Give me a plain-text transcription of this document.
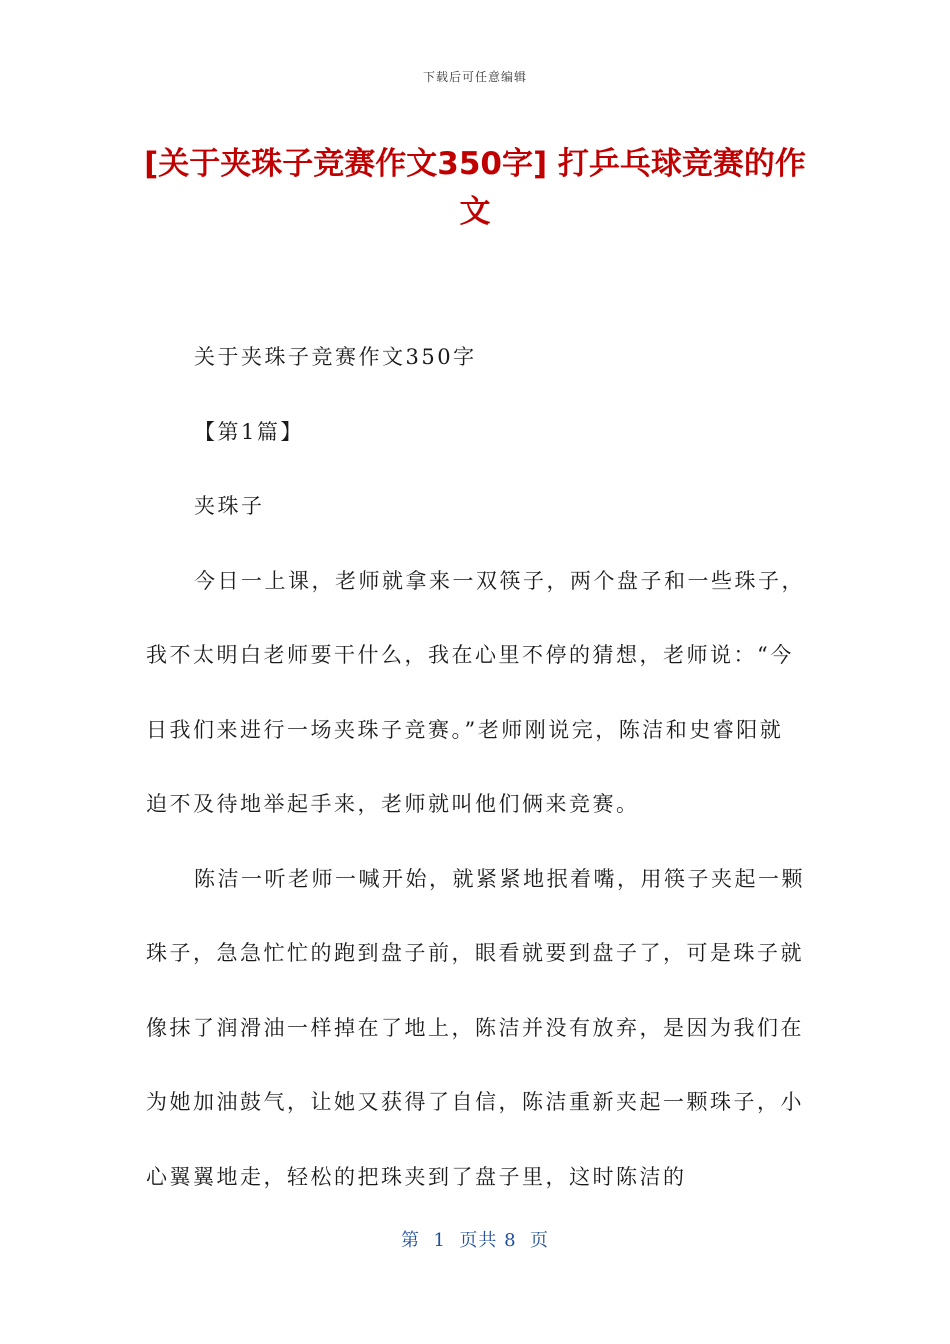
下载后可任意编辑
[关于夹珠子竞赛作文350字] 打乒乓球竞赛的作文

关于夹珠子竞赛作文350字

【第1篇】

夹珠子

今日一上课，老师就拿来一双筷子，两个盘子和一些珠子，我不太明白老师要干什么，我在心里不停的猜想，老师说：“今日我们来进行一场夹珠子竞赛。”老师刚说完，陈洁和史睿阳就迫不及待地举起手来，老师就叫他们俩来竞赛。

陈洁一听老师一喊开始，就紧紧地抿着嘴，用筷子夹起一颗珠子，急急忙忙的跑到盘子前，眼看就要到盘子了，可是珠子就像抹了润滑油一样掉在了地上，陈洁并没有放弃，是因为我们在为她加油鼓气，让她又获得了自信，陈洁重新夹起一颗珠子，小心翼翼地走，轻松的把珠夹到了盘子里，这时陈洁的

第  1  页共 8  页
